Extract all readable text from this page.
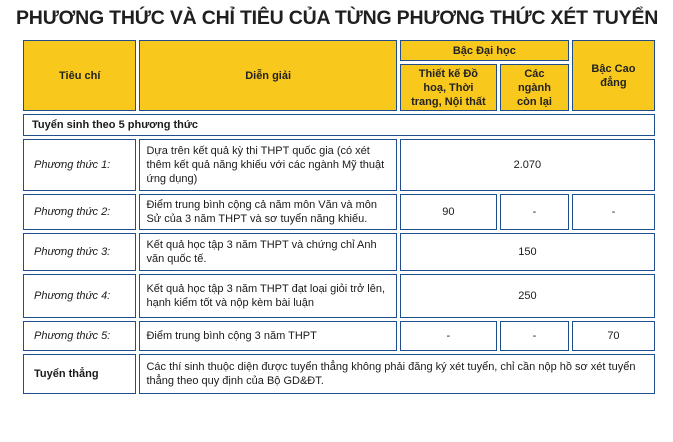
PHƯƠNG THỨC VÀ CHỈ TIÊU CỦA TỪNG PHƯƠNG THỨC XÉT TUYỂN
Tiêu chí	Diễn giải	Bậc Đại học		Bậc Cao đẳng
		Thiết kế Đồ hoạ, Thời trang, Nội thất	Các ngành còn lại	
Tuyển sinh theo 5 phương thức				
Phương thức 1:	Dựa trên kết quả kỳ thi THPT quốc gia (có xét thêm kết quả năng khiếu với các ngành Mỹ thuật ứng dụng)	2.070		
Phương thức 2:	Điểm trung bình cộng cả năm môn Văn và môn Sử của 3 năm THPT và sơ tuyển năng khiếu.	90	-	-
Phương thức 3:	Kết quả học tập 3 năm THPT và chứng chỉ Anh văn quốc tế.	150		
Phương thức 4:	Kết quả học tập 3 năm THPT đạt loại giỏi trở lên, hạnh kiểm tốt và nộp kèm bài luận	250		
Phương thức 5:	Điểm trung bình cộng 3 năm THPT	-	-	70
Tuyển thẳng	Các thí sinh thuộc diện được tuyển thẳng không phải đăng ký xét tuyển, chỉ cần nộp hồ sơ xét tuyển thẳng theo quy định của Bộ GD&ĐT.			
